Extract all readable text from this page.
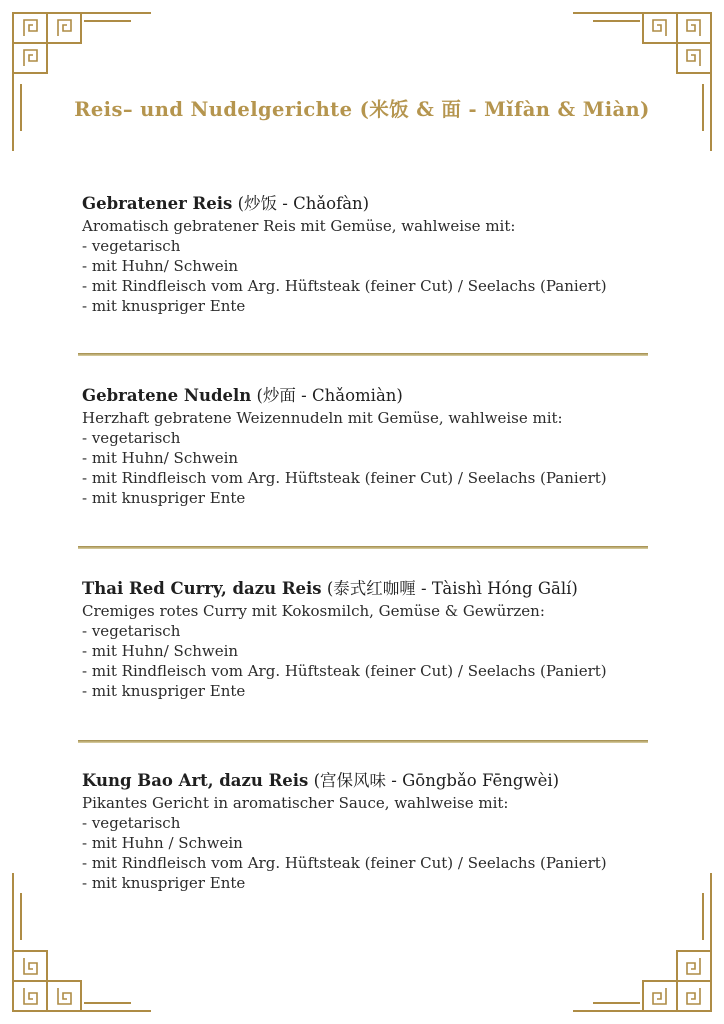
Reis– und Nudelgerichte (米饭 & 面 - Mǐfàn & Miàn)
Gebratener Reis (炒饭 - Chǎofàn)
Aromatisch gebratener Reis mit Gemüse, wahlweise mit:
- vegetarisch
- mit Huhn/ Schwein
- mit Rindfleisch vom Arg. Hüftsteak (feiner Cut) / Seelachs (Paniert)
- mit knuspriger Ente
Gebratene Nudeln (炒面 - Chǎomiàn)
Herzhaft gebratene Weizennudeln mit Gemüse, wahlweise mit:
- vegetarisch
- mit Huhn/ Schwein
- mit Rindfleisch vom Arg. Hüftsteak (feiner Cut) / Seelachs (Paniert)
- mit knuspriger Ente
Thai Red Curry, dazu Reis (泰式红咖喱 - Tàishì Hóng Gālí)
Cremiges rotes Curry mit Kokosmilch, Gemüse & Gewürzen:
- vegetarisch
- mit Huhn/ Schwein
- mit Rindfleisch vom Arg. Hüftsteak (feiner Cut) / Seelachs (Paniert)
- mit knuspriger Ente
Kung Bao Art, dazu Reis (宫保风味 - Gōngbǎo Fēngwèi)
Pikantes Gericht in aromatischer Sauce, wahlweise mit:
- vegetarisch
- mit Huhn / Schwein
- mit Rindfleisch vom Arg. Hüftsteak (feiner Cut) / Seelachs (Paniert)
- mit knuspriger Ente
